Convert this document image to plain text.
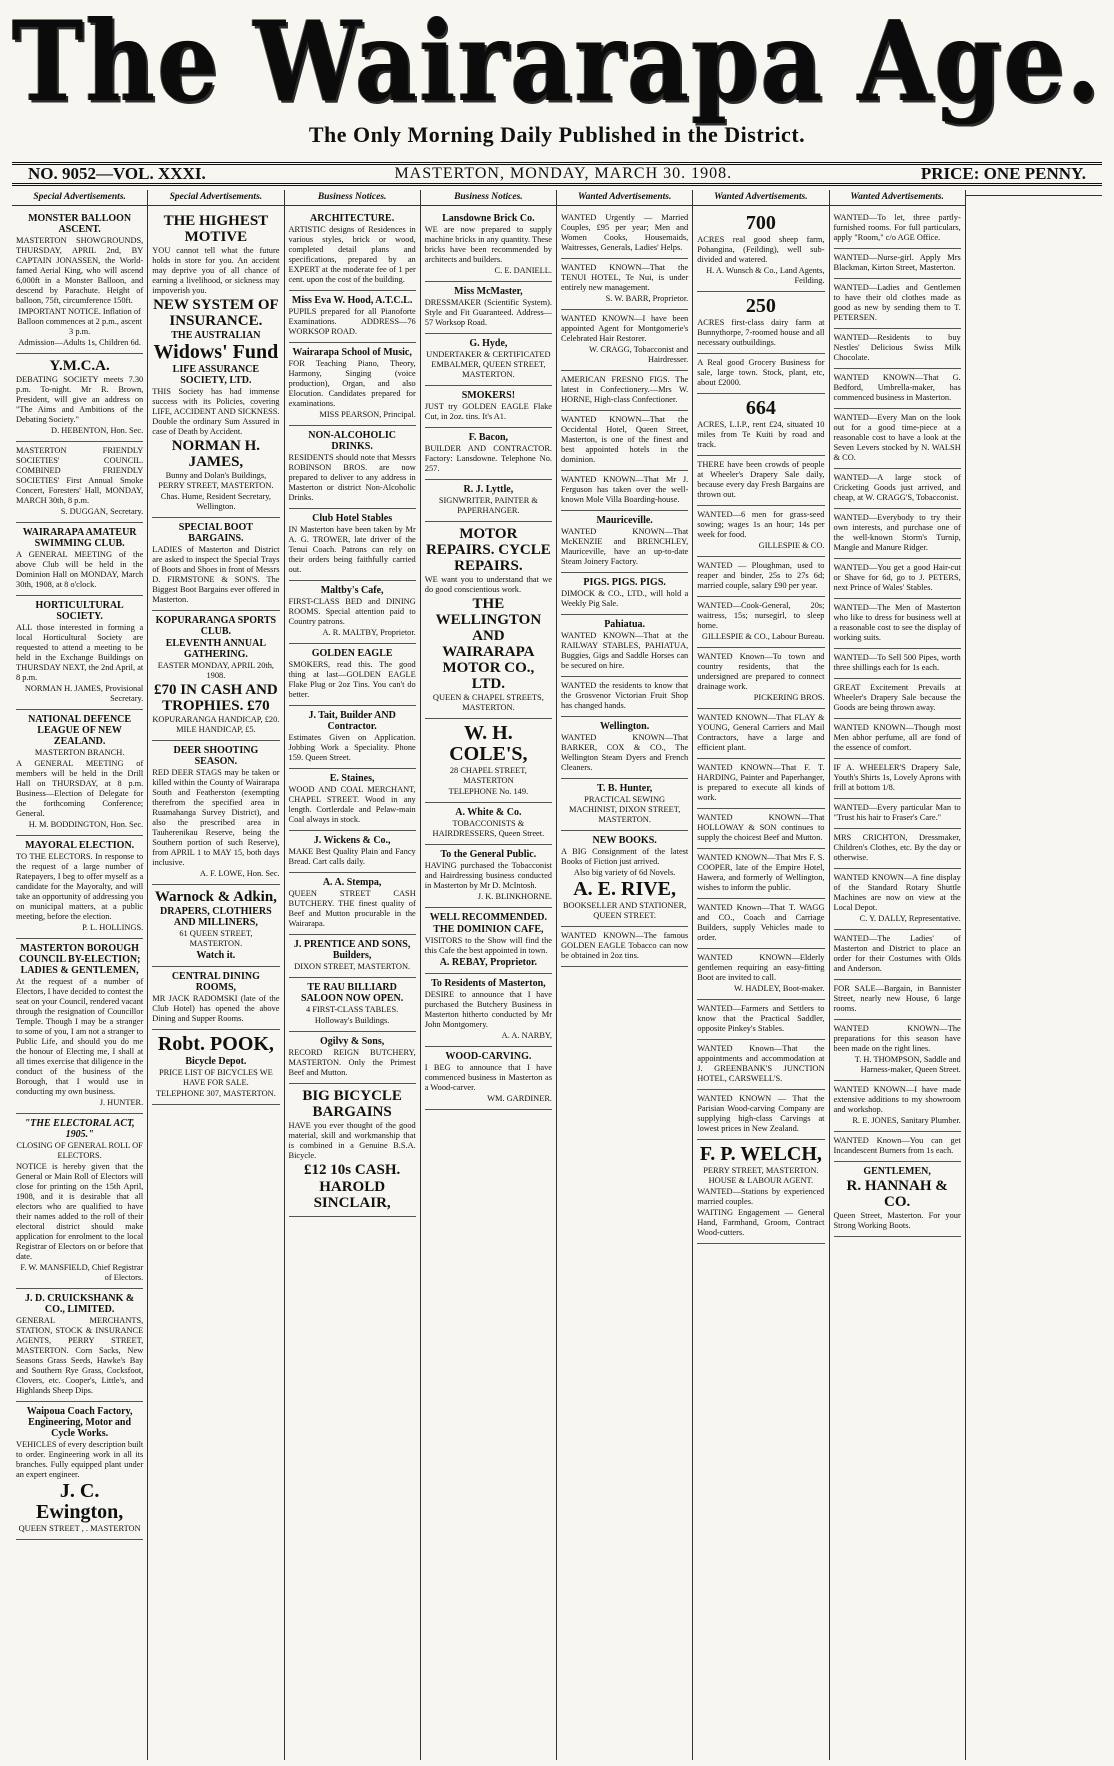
The Wairarapa Age.
The Only Morning Daily Published in the District.
NO. 9052—VOL. XXXI.	MASTERTON, MONDAY, MARCH 30. 1908.	PRICE: ONE PENNY.
Special Advertisements.

MONSTER BALLOON ASCENT.

MASTERTON SHOWGROUNDS, THURSDAY, APRIL 2nd, BY CAPTAIN JONASSEN, the World-famed Aerial King, who will ascend 6,000ft in a Monster Balloon, and descend by Parachute. Height of balloon, 75ft, circumference 150ft.

IMPORTANT NOTICE. Inflation of Balloon commences at 2 p.m., ascent 3 p.m.

Admission—Adults 1s, Children 6d.

Y.M.C.A.

DEBATING SOCIETY meets 7.30 p.m. To-night. Mr R. Brown, President, will give an address on "The Aims and Ambitions of the Debating Society."

D. HEBENTON, Hon. Sec.

MASTERTON FRIENDLY SOCIETIES' COUNCIL. COMBINED FRIENDLY SOCIETIES' First Annual Smoke Concert, Foresters' Hall, MONDAY, MARCH 30th, 8 p.m.

S. DUGGAN, Secretary.

WAIRARAPA AMATEUR SWIMMING CLUB.

A GENERAL MEETING of the above Club will be held in the Dominion Hall on MONDAY, March 30th, 1908, at 8 o'clock.

HORTICULTURAL SOCIETY.

ALL those interested in forming a local Horticultural Society are requested to attend a meeting to be held in the Exchange Buildings on THURSDAY NEXT, the 2nd April, at 8 p.m.

NORMAN H. JAMES, Provisional Secretary.

NATIONAL DEFENCE LEAGUE OF NEW ZEALAND.

MASTERTON BRANCH.

A GENERAL MEETING of members will be held in the Drill Hall on THURSDAY, at 8 p.m. Business—Election of Delegate for the forthcoming Conference; General.

H. M. BODDINGTON, Hon. Sec.

MAYORAL ELECTION.

TO THE ELECTORS. In response to the request of a large number of Ratepayers, I beg to offer myself as a candidate for the Mayoralty, and will take an opportunity of addressing you on municipal matters, at a public meeting, before the election.

P. L. HOLLINGS.

MASTERTON BOROUGH COUNCIL BY-ELECTION; LADIES & GENTLEMEN,

At the request of a number of Electors, I have decided to contest the seat on your Council, rendered vacant through the resignation of Councillor Temple. Though I may be a stranger to some of you, I am not a stranger to Public Life, and should you do me the honour of Electing me, I shall at all times exercise that diligence in the conduct of the business of the Borough, that I would use in conducting my own business.

J. HUNTER.

"THE ELECTORAL ACT, 1905."

CLOSING OF GENERAL ROLL OF ELECTORS.

NOTICE is hereby given that the General or Main Roll of Electors will close for printing on the 15th April, 1908, and it is desirable that all electors who are qualified to have their names added to the roll of their electoral district should make application for enrolment to the local Registrar of Electors on or before that date.

F. W. MANSFIELD, Chief Registrar of Electors.

J. D. CRUICKSHANK & CO., LIMITED.

GENERAL MERCHANTS, STATION, STOCK & INSURANCE AGENTS, PERRY STREET, MASTERTON. Corn Sacks, New Seasons Grass Seeds, Hawke's Bay and Southern Rye Grass, Cocksfoot, Clovers, etc. Cooper's, Little's, and Highlands Sheep Dips.

Waipoua Coach Factory, Engineering, Motor and Cycle Works.

VEHICLES of every description built to order. Engineering work in all its branches. Fully equipped plant under an expert engineer.

J. C. Ewington,

QUEEN STREET , . MASTERTON

Special Advertisements.

THE HIGHEST MOTIVE

YOU cannot tell what the future holds in store for you. An accident may deprive you of all chance of earning a livelihood, or sickness may impoverish you.

NEW SYSTEM OF INSURANCE.

THE AUSTRALIAN

Widows' Fund

LIFE ASSURANCE SOCIETY, LTD.

THIS Society has had immense success with its Policies, covering LIFE, ACCIDENT AND SICKNESS. Double the ordinary Sum Assured in case of Death by Accident.

NORMAN H. JAMES,

Bunny and Dolan's Buildings, PERRY STREET, MASTERTON.

Chas. Hume, Resident Secretary, Wellington.

SPECIAL BOOT BARGAINS.

LADIES of Masterton and District are asked to inspect the Special Trays of Boots and Shoes in front of Messrs D. FIRMSTONE & SON'S. The Biggest Boot Bargains ever offered in Masterton.

KOPURARANGA SPORTS CLUB.

ELEVENTH ANNUAL GATHERING.

EASTER MONDAY, APRIL 20th, 1908.

£70 IN CASH AND TROPHIES. £70

KOPURARANGA HANDICAP, £20. MILE HANDICAP, £5.

DEER SHOOTING SEASON.

RED DEER STAGS may be taken or killed within the County of Wairarapa South and Featherston (exempting therefrom the specified area in Ruamahanga Survey District), and also the prescribed area in Tauherenikau Reserve, being the Southern portion of such Reserve), from APRIL 1 to MAY 15, both days inclusive.

A. F. LOWE, Hon. Sec.

Warnock & Adkin,

DRAPERS, CLOTHIERS AND MILLINERS,

61 QUEEN STREET, MASTERTON.

Watch it.

CENTRAL DINING ROOMS,

MR JACK RADOMSKI (late of the Club Hotel) has opened the above Dining and Supper Rooms.

Robt. POOK,

Bicycle Depot.

PRICE LIST OF BICYCLES WE HAVE FOR SALE.

TELEPHONE 307, MASTERTON.

Business Notices.

ARCHITECTURE.

ARTISTIC designs of Residences in various styles, brick or wood, completed detail plans and specifications, prepared by an EXPERT at the moderate fee of 1 per cent. upon the cost of the building.

Miss Eva W. Hood, A.T.C.L.

PUPILS prepared for all Pianoforte Examinations. ADDRESS—76 WORKSOP ROAD.

Wairarapa School of Music,

FOR Teaching Piano, Theory, Harmony, Singing (voice production), Organ, and also Elocution. Candidates prepared for examinations.

MISS PEARSON, Principal.

NON-ALCOHOLIC DRINKS.

RESIDENTS should note that Messrs ROBINSON BROS. are now prepared to deliver to any address in Masterton or district Non-Alcoholic Drinks.

Club Hotel Stables

IN Masterton have been taken by Mr A. G. TROWER, late driver of the Tenui Coach. Patrons can rely on their orders being faithfully carried out.

Maltby's Cafe,

FIRST-CLASS BED and DINING ROOMS. Special attention paid to Country patrons.

A. R. MALTBY, Proprietor.

GOLDEN EAGLE

SMOKERS, read this. The good thing at last—GOLDEN EAGLE Flake Plug or 2oz Tins. You can't do better.

J. Tait, Builder AND Contractor.

Estimates Given on Application. Jobbing Work a Speciality. Phone 159. Queen Street.

E. Staines,

WOOD AND COAL MERCHANT, CHAPEL STREET. Wood in any length. Cortlerdale and Pelaw-main Coal always in stock.

J. Wickens & Co.,

MAKE Best Quality Plain and Fancy Bread. Cart calls daily.

A. A. Stempa,

QUEEN STREET CASH BUTCHERY. THE finest quality of Beef and Mutton procurable in the Wairarapa.

J. PRENTICE AND SONS, Builders,

DIXON STREET, MASTERTON.

TE RAU BILLIARD SALOON NOW OPEN.

4 FIRST-CLASS TABLES.

Holloway's Buildings.

Ogilvy & Sons,

RECORD REIGN BUTCHERY, MASTERTON. Only the Primest Beef and Mutton.

BIG BICYCLE BARGAINS

HAVE you ever thought of the good material, skill and workmanship that is combined in a Genuine B.S.A. Bicycle.

£12 10s CASH.

HAROLD SINCLAIR,

Business Notices.

Lansdowne Brick Co.

WE are now prepared to supply machine bricks in any quantity. These bricks have been recommended by architects and builders.

C. E. DANIELL.

Miss McMaster,

DRESSMAKER (Scientific System). Style and Fit Guaranteed. Address—57 Worksop Road.

G. Hyde,

UNDERTAKER & CERTIFICATED EMBALMER, QUEEN STREET, MASTERTON.

SMOKERS!

JUST try GOLDEN EAGLE Flake Cut, in 2oz. tins. It's A1.

F. Bacon,

BUILDER AND CONTRACTOR. Factory: Lansdowne. Telephone No. 257.

R. J. Lyttle,

SIGNWRITER, PAINTER & PAPERHANGER.

MOTOR REPAIRS. CYCLE REPAIRS.

WE want you to understand that we do good conscientious work.

THE WELLINGTON AND WAIRARAPA MOTOR CO., LTD.

QUEEN & CHAPEL STREETS, MASTERTON.

W. H. COLE'S,

28 CHAPEL STREET, MASTERTON

TELEPHONE No. 149.

A. White & Co.

TOBACCONISTS & HAIRDRESSERS, Queen Street.

To the General Public.

HAVING purchased the Tobacconist and Hairdressing business conducted in Masterton by Mr D. McIntosh.

J. K. BLINKHORNE.

WELL RECOMMENDED.

THE DOMINION CAFE,

VISITORS to the Show will find the this Cafe the best appointed in town.

A. REBAY, Proprietor.

To Residents of Masterton,

DESIRE to announce that I have purchased the Butchery Business in Masterton hitherto conducted by Mr John Montgomery.

A. A. NARBY,

WOOD-CARVING.

I BEG to announce that I have commenced business in Masterton as a Wood-carver.

WM. GARDINER.

Wanted Advertisements.

WANTED Urgently — Married Couples, £95 per year; Men and Women Cooks, Housemaids, Waitresses, Generals, Ladies' Helps.

WANTED KNOWN—That the TENUI HOTEL, Te Nui, is under entirely new management.

S. W. BARR, Proprietor.

WANTED KNOWN—I have been appointed Agent for Montgomerie's Celebrated Hair Restorer.

W. CRAGG, Tobacconist and Hairdresser.

AMERICAN FRESNO FIGS. The latest in Confectionery.—Mrs W. HORNE, High-class Confectioner.

WANTED KNOWN—That the Occidental Hotel, Queen Street, Masterton, is one of the finest and best appointed hotels in the dominion.

WANTED KNOWN—That Mr J. Ferguson has taken over the well-known Mole Villa Boarding-house.

Mauriceville.

WANTED KNOWN—That McKENZIE and BRENCHLEY, Mauriceville, have an up-to-date Steam Joinery Factory.

PIGS. PIGS. PIGS.

DIMOCK & CO., LTD., will hold a Weekly Pig Sale.

Pahiatua.

WANTED KNOWN—That at the RAILWAY STABLES, PAHIATUA, Buggies, Gigs and Saddle Horses can be secured on hire.

WANTED the residents to know that the Grosvenor Victorian Fruit Shop has changed hands.

Wellington.

WANTED KNOWN—That BARKER, COX & CO., The Wellington Steam Dyers and French Cleaners.

T. B. Hunter,

PRACTICAL SEWING MACHINIST, DIXON STREET, MASTERTON.

NEW BOOKS.

A BIG Consignment of the latest Books of Fiction just arrived.

Also big variety of 6d Novels.

A. E. RIVE,

BOOKSELLER AND STATIONER, QUEEN STREET.

WANTED KNOWN—The famous GOLDEN EAGLE Tobacco can now be obtained in 2oz tins.

Wanted Advertisements.

700

ACRES real good sheep farm, Pohangina, (Feilding), well sub-divided and watered.

H. A. Wunsch & Co., Land Agents, Feilding.

250

ACRES first-class dairy farm at Bunnythorpe, 7-roomed house and all necessary outbuildings.

A Real good Grocery Business for sale, large town. Stock, plant, etc, about £2000.

664

ACRES, L.I.P., rent £24, situated 10 miles from Te Kuiti by road and track.

THERE have been crowds of people at Wheeler's Drapery Sale daily, because every day Fresh Bargains are thrown out.

WANTED—6 men for grass-seed sowing; wages 1s an hour; 14s per week for food.

GILLESPIE & CO.

WANTED — Ploughman, used to reaper and binder, 25s to 27s 6d; married couple, salary £90 per year.

WANTED—Cook-General, 20s; waitress, 15s; nursegirl, to sleep home.

GILLESPIE & CO., Labour Bureau.

WANTED Known—To town and country residents, that the undersigned are prepared to connect drainage work.

PICKERING BROS.

WANTED KNOWN—That FLAY & YOUNG, General Carriers and Mail Contractors, have a large and efficient plant.

WANTED KNOWN—That F. T. HARDING, Painter and Paperhanger, is prepared to execute all kinds of work.

WANTED KNOWN—That HOLLOWAY & SON continues to supply the choicest Beef and Mutton.

WANTED KNOWN—That Mrs F. S. COOPER, late of the Empire Hotel, Hawera, and formerly of Wellington, wishes to inform the public.

WANTED Known—That T. WAGG and CO., Coach and Carriage Builders, supply Vehicles made to order.

WANTED KNOWN—Elderly gentlemen requiring an easy-fitting Boot are invited to call.

W. HADLEY, Boot-maker.

WANTED—Farmers and Settlers to know that the Practical Saddler, opposite Pinkey's Stables.

WANTED Known—That the appointments and accommodation at J. GREENBANK'S JUNCTION HOTEL, CARSWELL'S.

WANTED KNOWN — That the Parisian Wood-carving Company are supplying high-class Carvings at lowest prices in New Zealand.

F. P. WELCH,

PERRY STREET, MASTERTON. HOUSE & LABOUR AGENT.

WANTED—Stations by experienced married couples.

WAITING Engagement — General Hand, Farmhand, Groom, Contract Wood-cutters.

Wanted Advertisements.

WANTED—To let, three partly-furnished rooms. For full particulars, apply "Room," c/o AGE Office.

WANTED—Nurse-girl. Apply Mrs Blackman, Kirton Street, Masterton.

WANTED—Ladies and Gentlemen to have their old clothes made as good as new by sending them to T. PETERSEN.

WANTED—Residents to buy Nestles' Delicious Swiss Milk Chocolate.

WANTED KNOWN—That G. Bedford, Umbrella-maker, has commenced business in Masterton.

WANTED—Every Man on the look out for a good time-piece at a reasonable cost to have a look at the Seven Levers stocked by N. WALSH & CO.

WANTED—A large stock of Cricketing Goods just arrived, and cheap, at W. CRAGG'S, Tobacconist.

WANTED—Everybody to try their own interests, and purchase one of the well-known Storm's Turnip, Mangle and Manure Ridger.

WANTED—You get a good Hair-cut or Shave for 6d, go to J. PETERS, next Prince of Wales' Stables.

WANTED—The Men of Masterton who like to dress for business well at a reasonable cost to see the display of working suits.

WANTED—To Sell 500 Pipes, worth three shillings each for 1s each.

GREAT Excitement Prevails at Wheeler's Drapery Sale because the Goods are being thrown away.

WANTED KNOWN—Though most Men abhor perfume, all are fond of the essence of comfort.

IF A. WHEELER'S Drapery Sale, Youth's Shirts 1s, Lovely Aprons with frill at bottom 1/8.

WANTED—Every particular Man to "Trust his hair to Fraser's Care."

MRS CRICHTON, Dressmaker, Children's Clothes, etc. By the day or otherwise.

WANTED KNOWN—A fine display of the Standard Rotary Shuttle Machines are now on view at the Local Depot.

C. Y. DALLY, Representative.

WANTED—The Ladies' of Masterton and District to place an order for their Costumes with Olds and Anderson.

FOR SALE—Bargain, in Bannister Street, nearly new House, 6 large rooms.

WANTED KNOWN—The preparations for this season have been made on the right lines.

T. H. THOMPSON, Saddle and Harness-maker, Queen Street.

WANTED KNOWN—I have made extensive additions to my showroom and workshop.

R. E. JONES, Sanitary Plumber.

WANTED Known—You can get Incandescent Burners from 1s each.

GENTLEMEN,

R. HANNAH & CO.

Queen Street, Masterton. For your Strong Working Boots.
